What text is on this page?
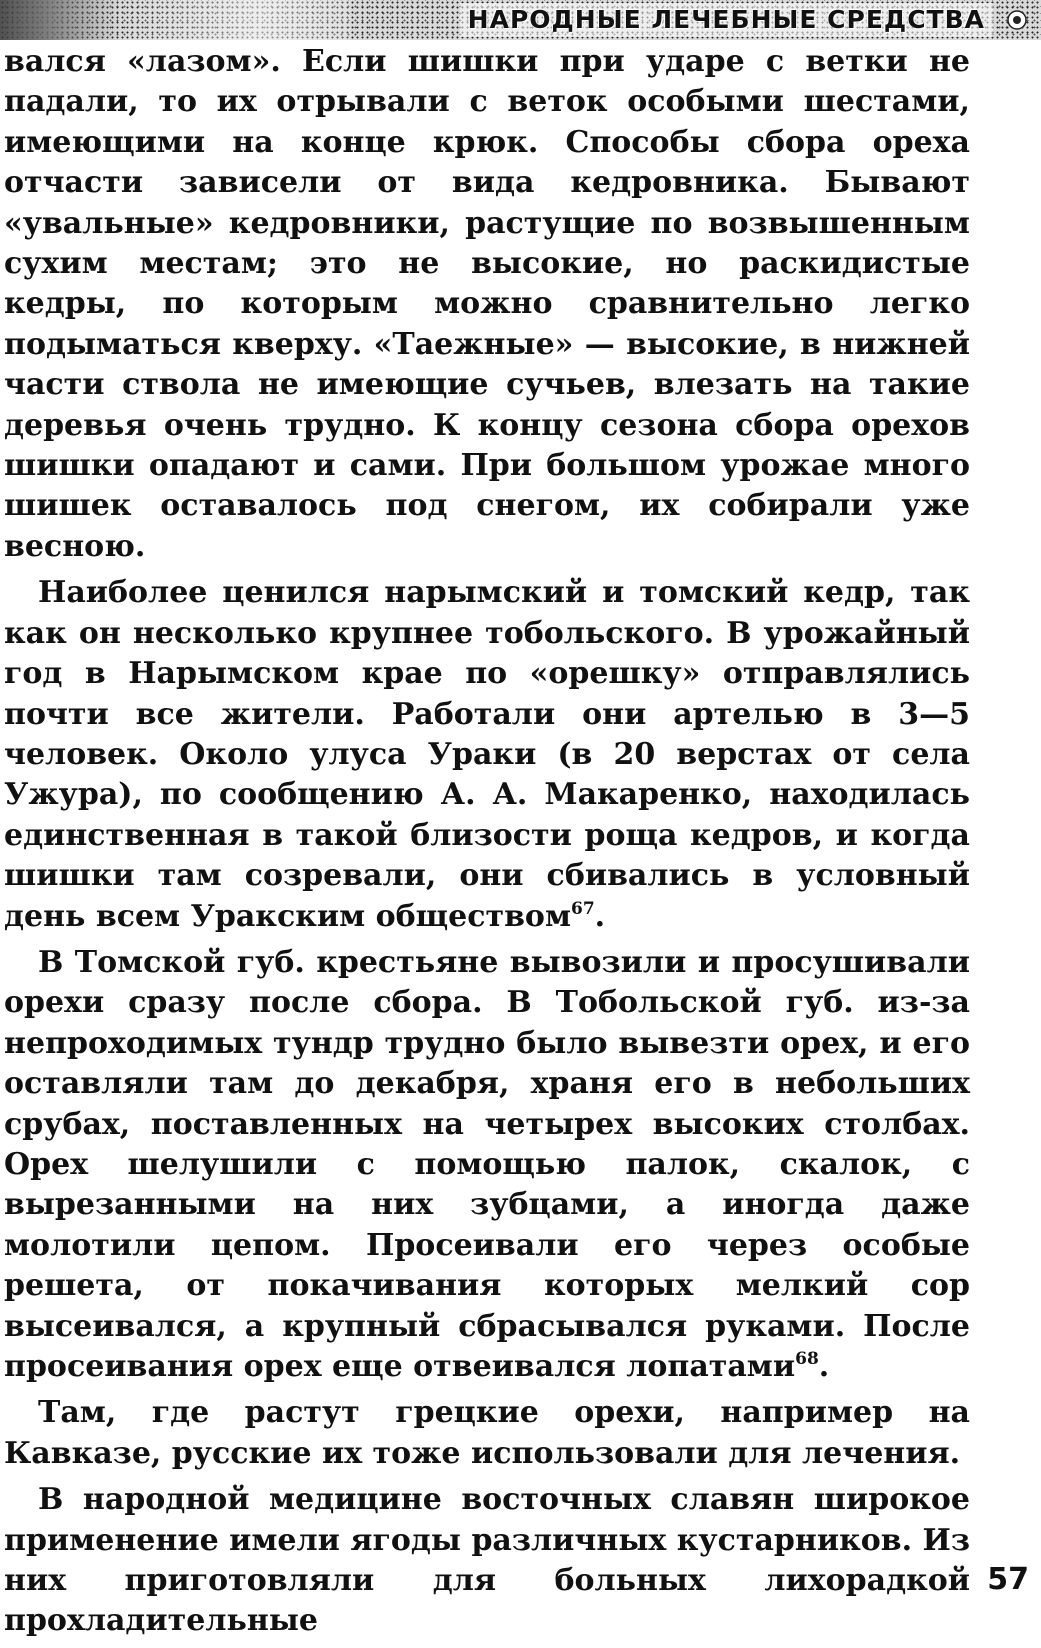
НАРОДНЫЕ ЛЕЧЕБНЫЕ СРЕДСТВА

вался «лазом». Если шишки при ударе с ветки не падали, то их отрывали с веток особыми шестами, имеющими на конце крюк. Способы сбора ореха отчасти зависели от вида кедровника. Бывают «увальные» кедровники, растущие по возвышенным сухим местам; это не высокие, но раскидистые кедры, по которым можно сравнительно легко подыматься кверху. «Таежные» — высокие, в нижней части ствола не имеющие сучьев, влезать на такие деревья очень трудно. К концу сезона сбора орехов шишки опадают и сами. При большом урожае много шишек оставалось под снегом, их собирали уже весною.

Наиболее ценился нарымский и томский кедр, так как он несколько крупнее тобольского. В урожайный год в Нарымском крае по «орешку» отправлялись почти все жители. Работали они артелью в 3—5 человек. Около улуса Ураки (в 20 верстах от села Ужура), по сообщению А. А. Макаренко, находилась единственная в такой близости роща кедров, и когда шишки там созревали, они сбивались в условный день всем Уракским обществом$^{67}$.

В Томской губ. крестьяне вывозили и просушивали орехи сразу после сбора. В Тобольской губ. из-за непроходимых тундр трудно было вывезти орех, и его оставляли там до декабря, храня его в небольших срубах, поставленных на четырех высоких столбах. Орех шелушили с помощью палок, скалок, с вырезанными на них зубцами, а иногда даже молотили цепом. Просеивали его через особые решета, от покачивания которых мелкий сор высеивался, а крупный сбрасывался руками. После просеивания орех еще отвеивался лопатами$^{68}$.

Там, где растут грецкие орехи, например на Кавказе, русские их тоже использовали для лечения.

В народной медицине восточных славян широкое применение имели ягоды различных кустарников. Из них приготовляли для больных лихорадкой прохладительные

57
